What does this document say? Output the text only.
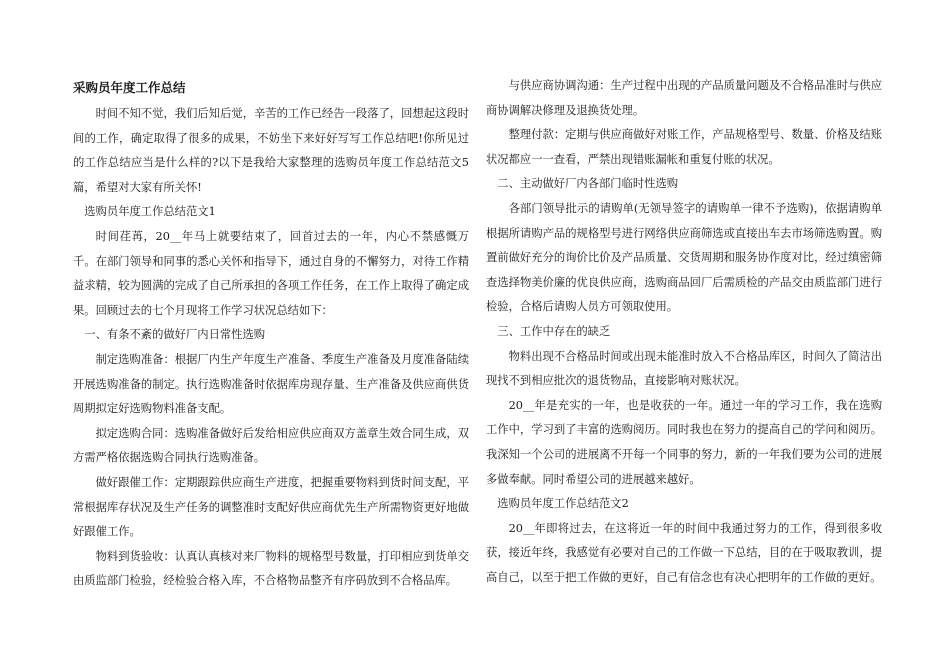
采购员年度工作总结

时间不知不觉，我们后知后觉，辛苦的工作已经告一段落了，回想起这段时间的工作，确定取得了很多的成果，不妨坐下来好好写写工作总结吧!你所见过的工作总结应当是什么样的?以下是我给大家整理的选购员年度工作总结范文5篇，希望对大家有所关怀!

选购员年度工作总结范文1

时间荏苒，20__年马上就要结束了，回首过去的一年，内心不禁感慨万千。在部门领导和同事的悉心关怀和指导下，通过自身的不懈努力，对待工作精益求精，较为圆满的完成了自己所承担的各项工作任务，在工作上取得了确定成果。回顾过去的七个月现将工作学习状况总结如下：

一、有条不紊的做好厂内日常性选购

制定选购准备：根据厂内生产年度生产准备、季度生产准备及月度准备陆续开展选购准备的制定。执行选购准备时依据库房现存量、生产准备及供应商供货周期拟定好选购物料准备支配。

拟定选购合同：选购准备做好后发给相应供应商双方盖章生效合同生成，双方需严格依据选购合同执行选购准备。

做好跟催工作：定期跟踪供应商生产进度，把握重要物料到货时间支配，平常根据库存状况及生产任务的调整准时支配好供应商优先生产所需物资更好地做好跟催工作。

物料到货验收：认真认真核对来厂物料的规格型号数量，打印相应到货单交由质监部门检验，经检验合格入库，不合格物品整齐有序码放到不合格品库。

与供应商协调沟通：生产过程中出现的产品质量问题及不合格品准时与供应商协调解决修理及退换货处理。

整理付款：定期与供应商做好对账工作，产品规格型号、数量、价格及结账状况都应一一查看，严禁出现错账漏帐和重复付账的状况。

二、主动做好厂内各部门临时性选购

各部门领导批示的请购单(无领导签字的请购单一律不予选购)，依据请购单根据所请购产品的规格型号进行网络供应商筛选或直接出车去市场筛选购置。购置前做好充分的询价比价及产品质量、交货周期和服务协作度对比，经过缜密筛查选择物美价廉的优良供应商，选购商品回厂后需质检的产品交由质监部门进行检验，合格后请购人员方可领取使用。

三、工作中存在的缺乏

物料出现不合格品时间或出现未能准时放入不合格品库区，时间久了简洁出现找不到相应批次的退货物品，直接影响对账状况。

20__年是充实的一年，也是收获的一年。通过一年的学习工作，我在选购工作中，学习到了丰富的选购阅历。同时我也在努力的提高自己的学问和阅历。我深知一个公司的进展离不开每一个同事的努力，新的一年我们要为公司的进展多做奉献。同时希望公司的进展越来越好。

选购员年度工作总结范文2

20__年即将过去，在这将近一年的时间中我通过努力的工作，得到很多收获，接近年终，我感觉有必要对自己的工作做一下总结，目的在于吸取教训，提高自己，以至于把工作做的更好，自己有信念也有决心把明年的工作做的更好。
